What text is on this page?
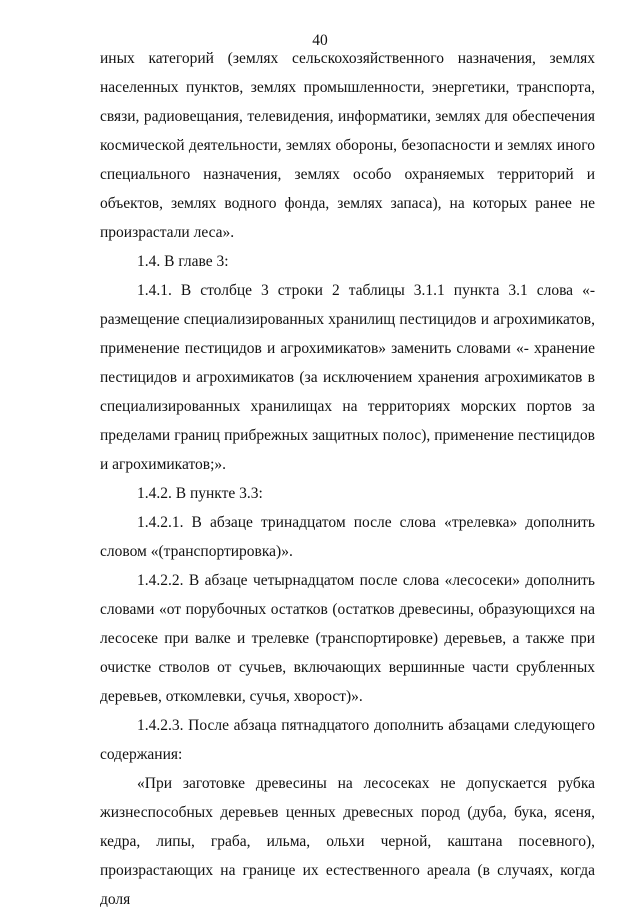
40

иных категорий (землях сельскохозяйственного назначения, землях населенных пунктов, землях промышленности, энергетики, транспорта, связи, радиовещания, телевидения, информатики, землях для обеспечения космической деятельности, землях обороны, безопасности и землях иного специального назначения, землях особо охраняемых территорий и объектов, землях водного фонда, землях запаса), на которых ранее не произрастали леса».

1.4. В главе 3:

1.4.1. В столбце 3 строки 2 таблицы 3.1.1 пункта 3.1 слова «- размещение специализированных хранилищ пестицидов и агрохимикатов, применение пестицидов и агрохимикатов» заменить словами «- хранение пестицидов и агрохимикатов (за исключением хранения агрохимикатов в специализированных хранилищах на территориях морских портов за пределами границ прибрежных защитных полос), применение пестицидов и агрохимикатов;».

1.4.2. В пункте 3.3:

1.4.2.1. В абзаце тринадцатом после слова «трелевка» дополнить словом «(транспортировка)».

1.4.2.2. В абзаце четырнадцатом после слова «лесосеки» дополнить словами «от порубочных остатков (остатков древесины, образующихся на лесосеке при валке и трелевке (транспортировке) деревьев, а также при очистке стволов от сучьев, включающих вершинные части срубленных деревьев, откомлевки, сучья, хворост)».

1.4.2.3. После абзаца пятнадцатого дополнить абзацами следующего содержания:

«При заготовке древесины на лесосеках не допускается рубка жизнеспособных деревьев ценных древесных пород (дуба, бука, ясеня, кедра, липы, граба, ильма, ольхи черной, каштана посевного), произрастающих на границе их естественного ареала (в случаях, когда доля
